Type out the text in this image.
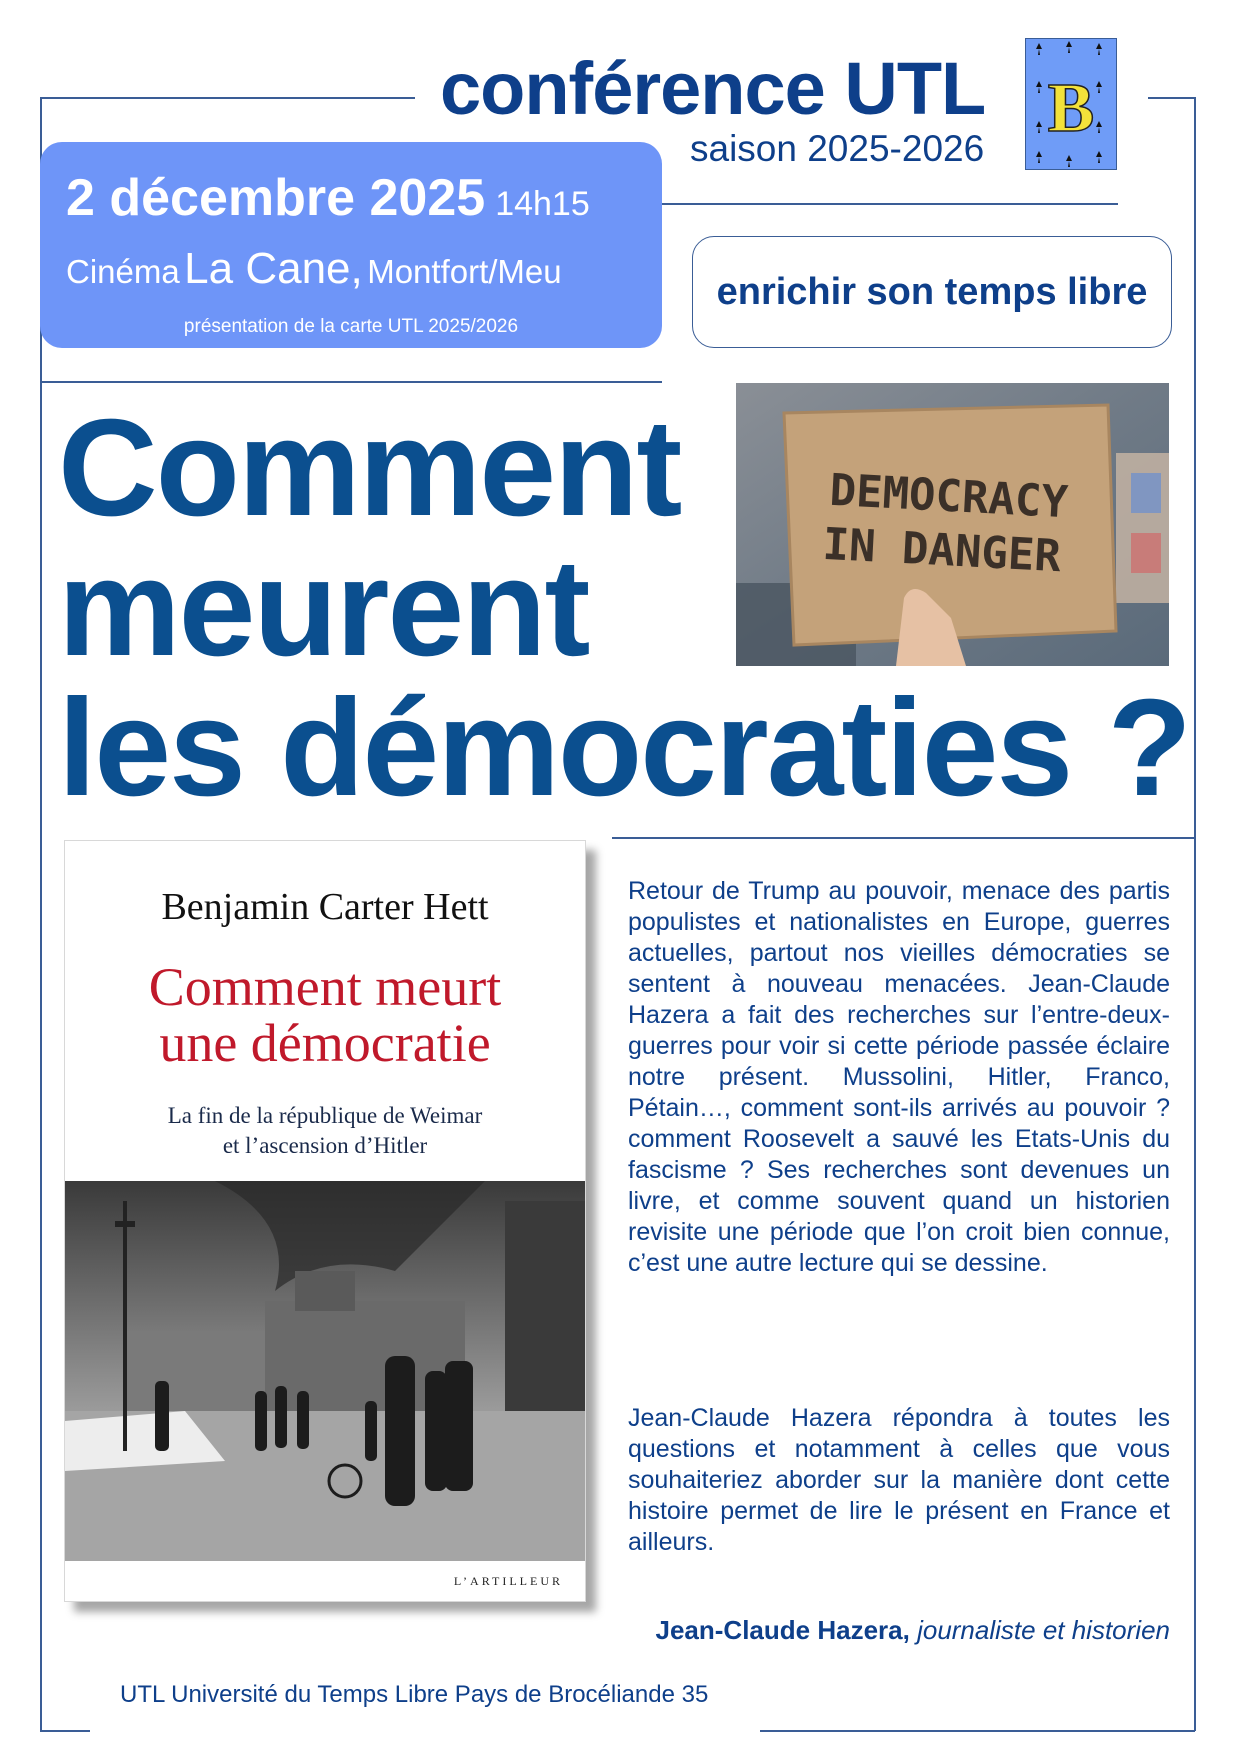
conférence UTL
saison 2025-2026
B
2 décembre 2025 14h15
Cinéma La Cane, Montfort/Meu
présentation de la carte UTL 2025/2026
enrichir son temps libre
Comment
meurent
les démocraties ?
DEMOCRACY
IN DANGER
Benjamin Carter Hett
Comment meurt
une démocratie
La fin de la république de Weimar
et l’ascension d’Hitler
L’ARTILLEUR
Retour de Trump au pouvoir, menace des partis populistes et nationalistes en Europe, guerres actuelles, partout nos vieilles démocraties se sentent à nouveau menacées. Jean-Claude Hazera a fait des recherches sur l’entre-deux-guerres pour voir si cette période passée éclaire notre présent. Mussolini, Hitler, Franco, Pétain…, comment sont-ils arrivés au pouvoir ? comment Roosevelt a sauvé les Etats-Unis du fascisme ? Ses recherches sont devenues un livre, et comme souvent quand un historien revisite une période que l’on croit bien connue, c’est une autre lecture qui se dessine.
Jean-Claude Hazera répondra à toutes les questions et notamment à celles que vous souhaiteriez aborder sur la manière dont cette histoire permet de lire le présent en France et ailleurs.
Jean-Claude Hazera, journaliste et historien
UTL Université du Temps Libre Pays de Brocéliande 35
